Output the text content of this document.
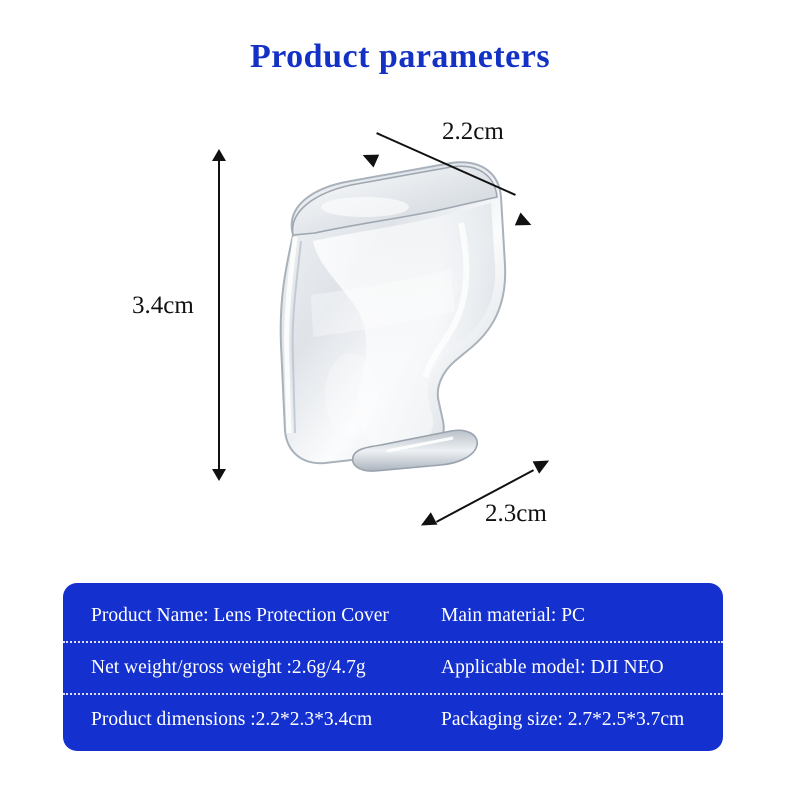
Product parameters
3.4cm
2.2cm
2.3cm
Product Name: Lens Protection Cover	Main material: PC
Net weight/gross weight :2.6g/4.7g	Applicable model: DJI NEO
Product dimensions :2.2*2.3*3.4cm	Packaging size: 2.7*2.5*3.7cm
